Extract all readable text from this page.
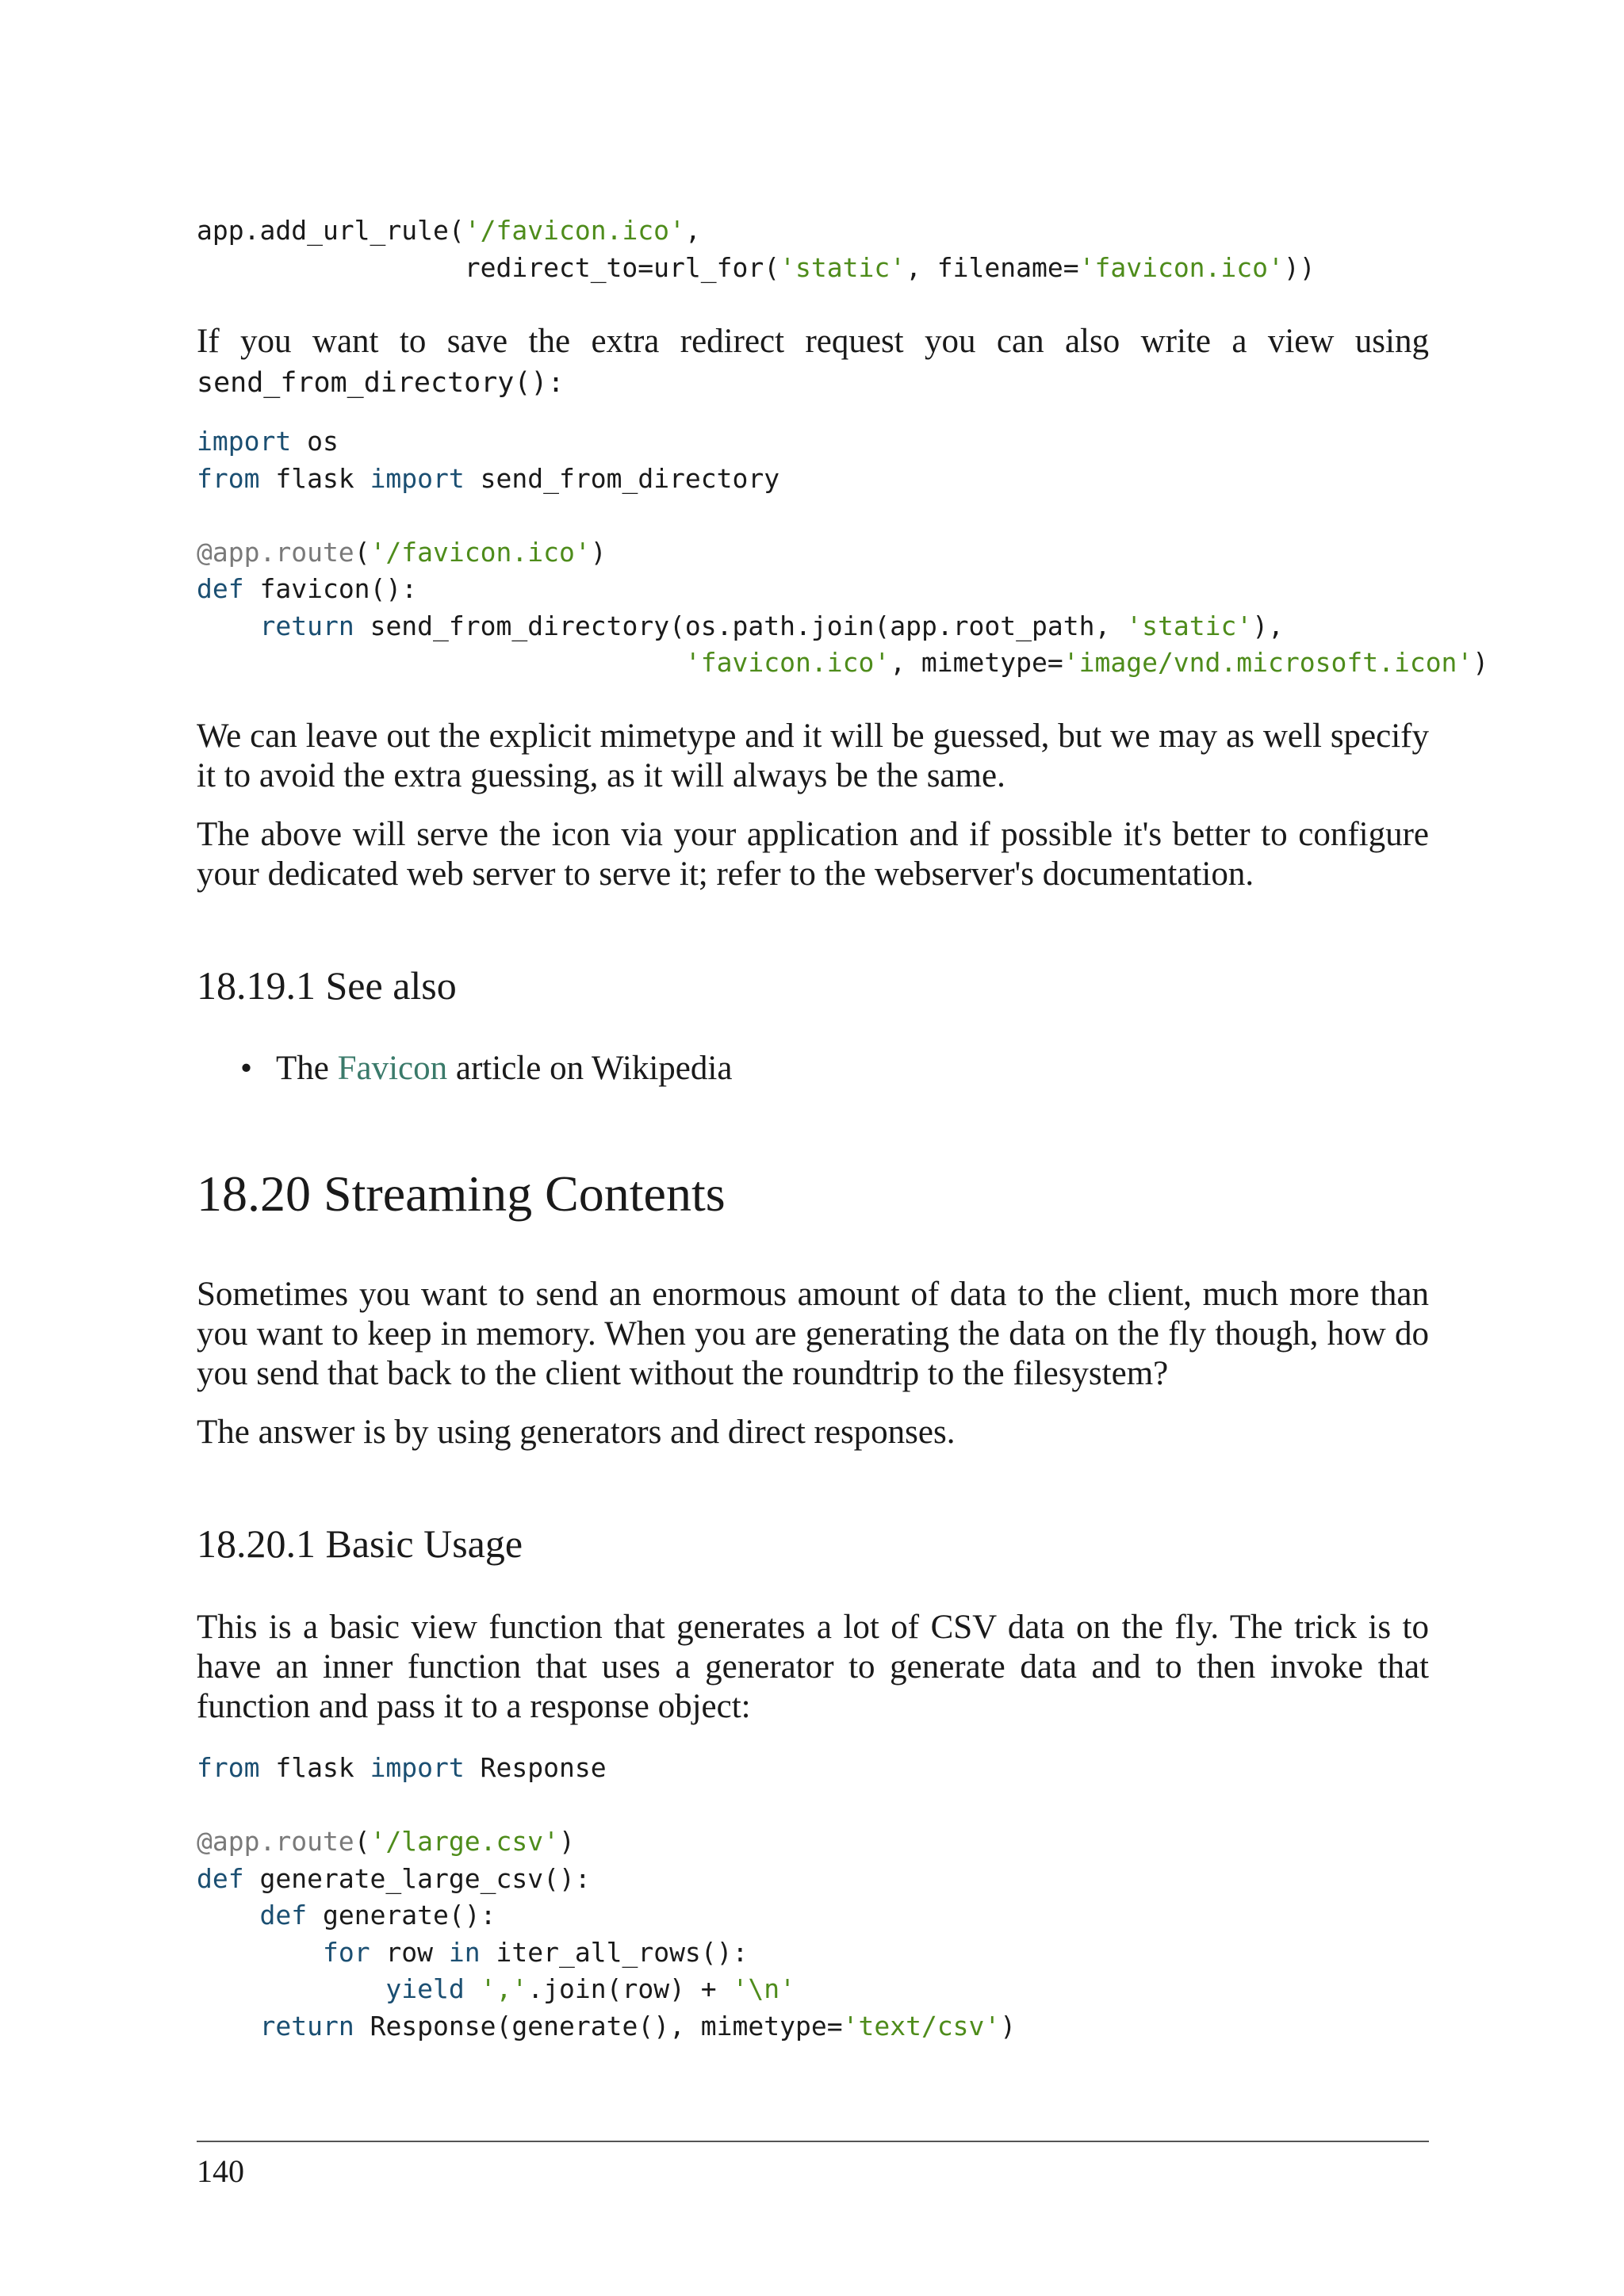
app.add_url_rule('/favicon.ico',
redirect_to=url_for('static', filename='favicon.ico'))

If you want to save the extra redirect request you can also write a view using send_from_directory():

import os
from flask import send_from_directory

@app.route('/favicon.ico')
def favicon():
return send_from_directory(os.path.join(app.root_path, 'static'),
'favicon.ico', mimetype='image/vnd.microsoft.icon')

We can leave out the explicit mimetype and it will be guessed, but we may as well specify it to avoid the extra guessing, as it will always be the same.

The above will serve the icon via your application and if possible it's better to configure your dedicated web server to serve it; refer to the webserver's documentation.

18.19.1 See also
• The Favicon article on Wikipedia
18.20 Streaming Contents

Sometimes you want to send an enormous amount of data to the client, much more than you want to keep in memory. When you are generating the data on the fly though, how do you send that back to the client without the roundtrip to the filesystem?

The answer is by using generators and direct responses.

18.20.1 Basic Usage

This is a basic view function that generates a lot of CSV data on the fly. The trick is to have an inner function that uses a generator to generate data and to then invoke that function and pass it to a response object:

from flask import Response

@app.route('/large.csv')
def generate_large_csv():
def generate():
for row in iter_all_rows():
yield ','.join(row) + '\n'
return Response(generate(), mimetype='text/csv')
140
